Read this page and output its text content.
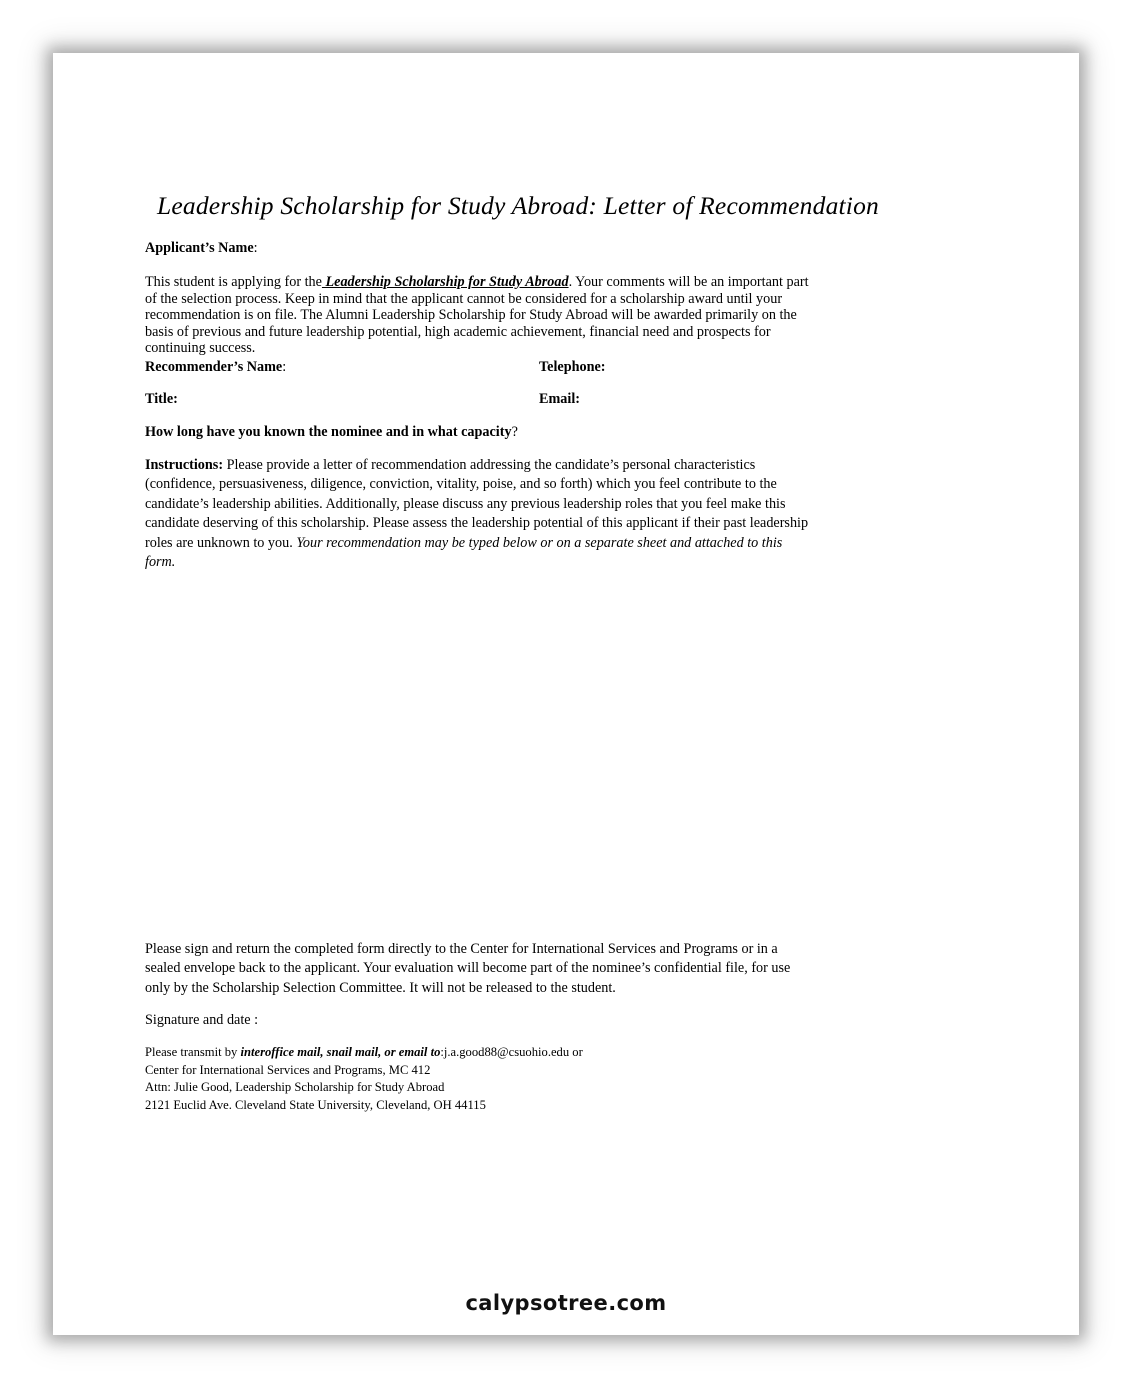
Leadership Scholarship for Study Abroad: Letter of Recommendation
Applicant’s Name:
This student is applying for the Leadership Scholarship for Study Abroad. Your comments will be an important part
of the selection process. Keep in mind that the applicant cannot be considered for a scholarship award until your
recommendation is on file. The Alumni Leadership Scholarship for Study Abroad will be awarded primarily on the
basis of previous and future leadership potential, high academic achievement, financial need and prospects for
continuing success.
Recommender’s Name:	Telephone:
Title:	Email:
How long have you known the nominee and in what capacity?
Instructions: Please provide a letter of recommendation addressing the candidate’s personal characteristics
(confidence, persuasiveness, diligence, conviction, vitality, poise, and so forth) which you feel contribute to the
candidate’s leadership abilities. Additionally, please discuss any previous leadership roles that you feel make this
candidate deserving of this scholarship. Please assess the leadership potential of this applicant if their past leadership
roles are unknown to you. Your recommendation may be typed below or on a separate sheet and attached to this
form.
Please sign and return the completed form directly to the Center for International Services and Programs or in a
sealed envelope back to the applicant. Your evaluation will become part of the nominee’s confidential file, for use
only by the Scholarship Selection Committee. It will not be released to the student.
Signature and date :
Please transmit by interoffice mail, snail mail, or email to:j.a.good88@csuohio.edu or
Center for International Services and Programs, MC 412
Attn: Julie Good, Leadership Scholarship for Study Abroad
2121 Euclid Ave. Cleveland State University, Cleveland, OH 44115
calypsotree.com
